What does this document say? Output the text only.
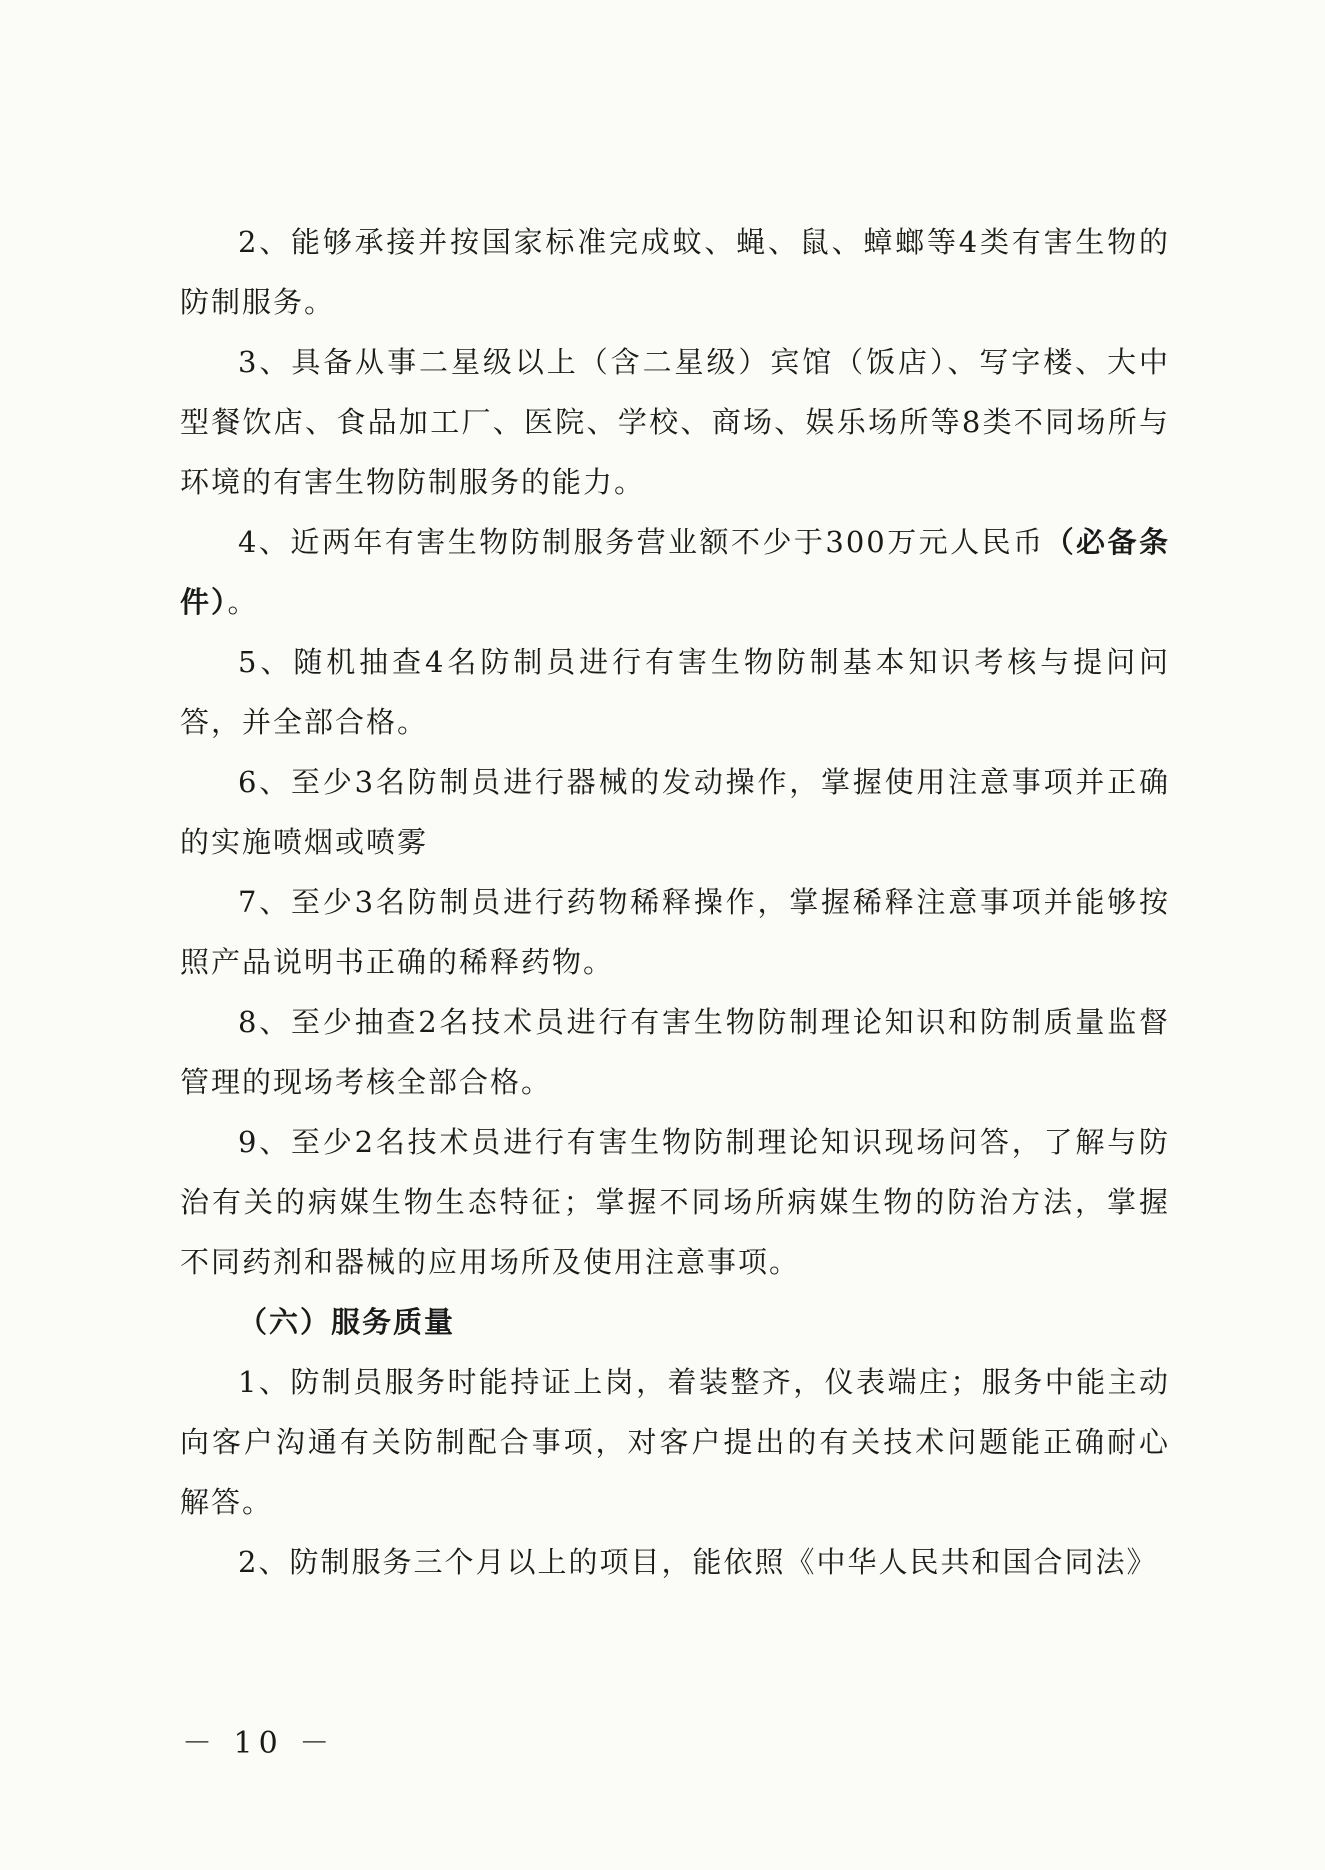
2、能够承接并按国家标准完成蚊、蝇、鼠、蟑螂等4类有害生物的防制服务。

3、具备从事二星级以上（含二星级）宾馆（饭店）、写字楼、大中型餐饮店、食品加工厂、医院、学校、商场、娱乐场所等8类不同场所与环境的有害生物防制服务的能力。

4、近两年有害生物防制服务营业额不少于300万元人民币（必备条件）。

5、随机抽查4名防制员进行有害生物防制基本知识考核与提问问答，并全部合格。

6、至少3名防制员进行器械的发动操作，掌握使用注意事项并正确的实施喷烟或喷雾

7、至少3名防制员进行药物稀释操作，掌握稀释注意事项并能够按照产品说明书正确的稀释药物。

8、至少抽查2名技术员进行有害生物防制理论知识和防制质量监督管理的现场考核全部合格。

9、至少2名技术员进行有害生物防制理论知识现场问答，了解与防治有关的病媒生物生态特征；掌握不同场所病媒生物的防治方法，掌握不同药剂和器械的应用场所及使用注意事项。

（六）服务质量

1、防制员服务时能持证上岗，着装整齐，仪表端庄；服务中能主动向客户沟通有关防制配合事项，对客户提出的有关技术问题能正确耐心解答。

2、防制服务三个月以上的项目，能依照《中华人民共和国合同法》

－ 10 －
